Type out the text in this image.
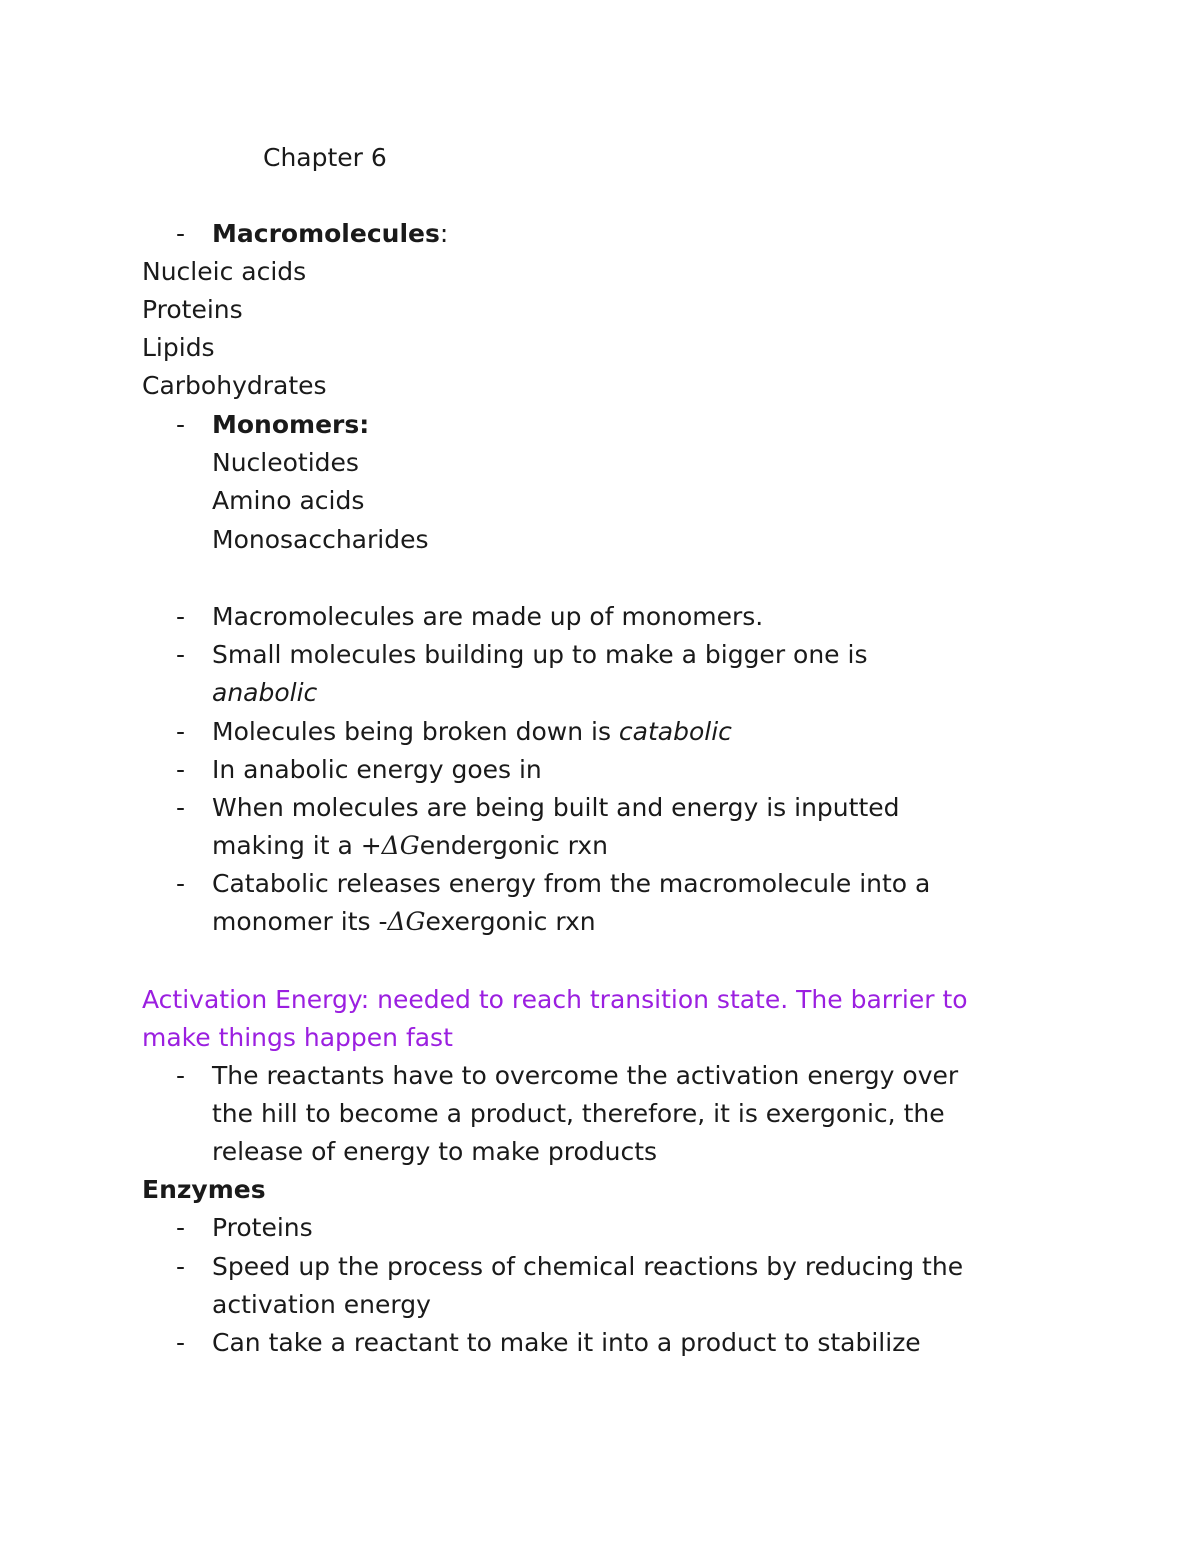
Chapter 6
- Macromolecules:
Nucleic acids
Proteins
Lipids
Carbohydrates
- Monomers:
Nucleotides
Amino acids
Monosaccharides
- Macromolecules are made up of monomers.
- Small molecules building up to make a bigger one is
anabolic
- Molecules being broken down is catabolic
- In anabolic energy goes in
- When molecules are being built and energy is inputted
making it a +ΔGendergonic rxn
- Catabolic releases energy from the macromolecule into a
monomer its -ΔGexergonic rxn
Activation Energy: needed to reach transition state. The barrier to
make things happen fast
- The reactants have to overcome the activation energy over
the hill to become a product, therefore, it is exergonic, the
release of energy to make products
Enzymes
- Proteins
- Speed up the process of chemical reactions by reducing the
activation energy
- Can take a reactant to make it into a product to stabilize
